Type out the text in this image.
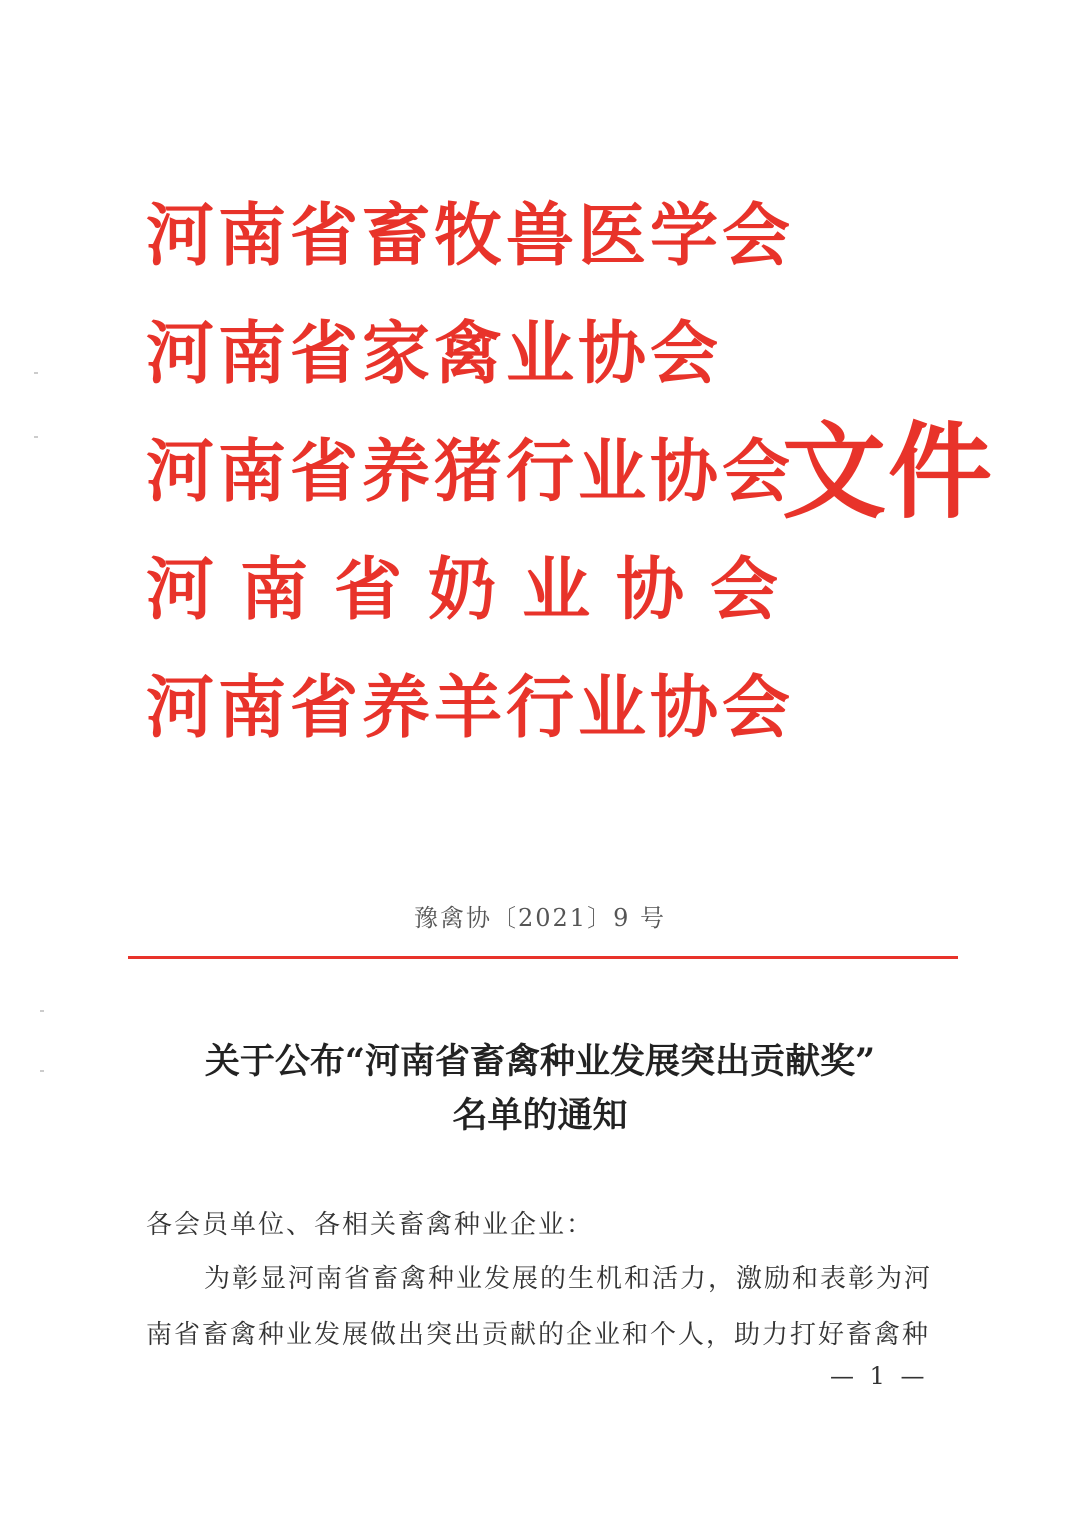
河南省畜牧兽医学会
河南省家禽业协会
河南省养猪行业协会
河南省奶业协会
河南省养羊行业协会
文件
豫禽协〔2021〕9 号
关于公布“河南省畜禽种业发展突出贡献奖”
名单的通知
各会员单位、各相关畜禽种业企业：
为彰显河南省畜禽种业发展的生机和活力，激励和表彰为河
南省畜禽种业发展做出突出贡献的企业和个人，助力打好畜禽种
— 1 —
